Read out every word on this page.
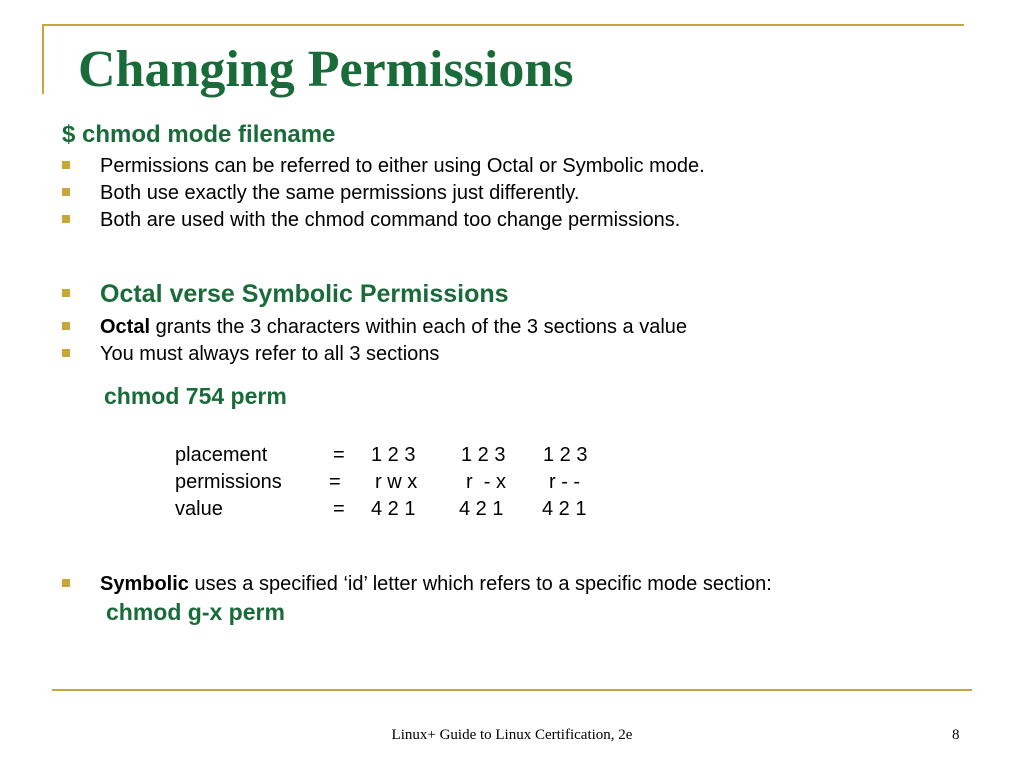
Changing Permissions
$ chmod mode filename
Permissions can be referred to either using Octal or Symbolic mode.
Both use exactly the same permissions just differently.
Both are used with the chmod command too change permissions.
Octal verse Symbolic Permissions
Octal grants the 3 characters within each of the 3 sections a value
You must always refer to all 3 sections
chmod 754 perm
placement	= 1 2 3 1 2 3 1 2 3
permissions = r w x r  - x r - -
value	= 4 2 1 4 2 1 4 2 1
Symbolic uses a specified ‘id’ letter which refers to a specific mode section:
chmod g-x perm
Linux+ Guide to Linux Certification, 2e	8
